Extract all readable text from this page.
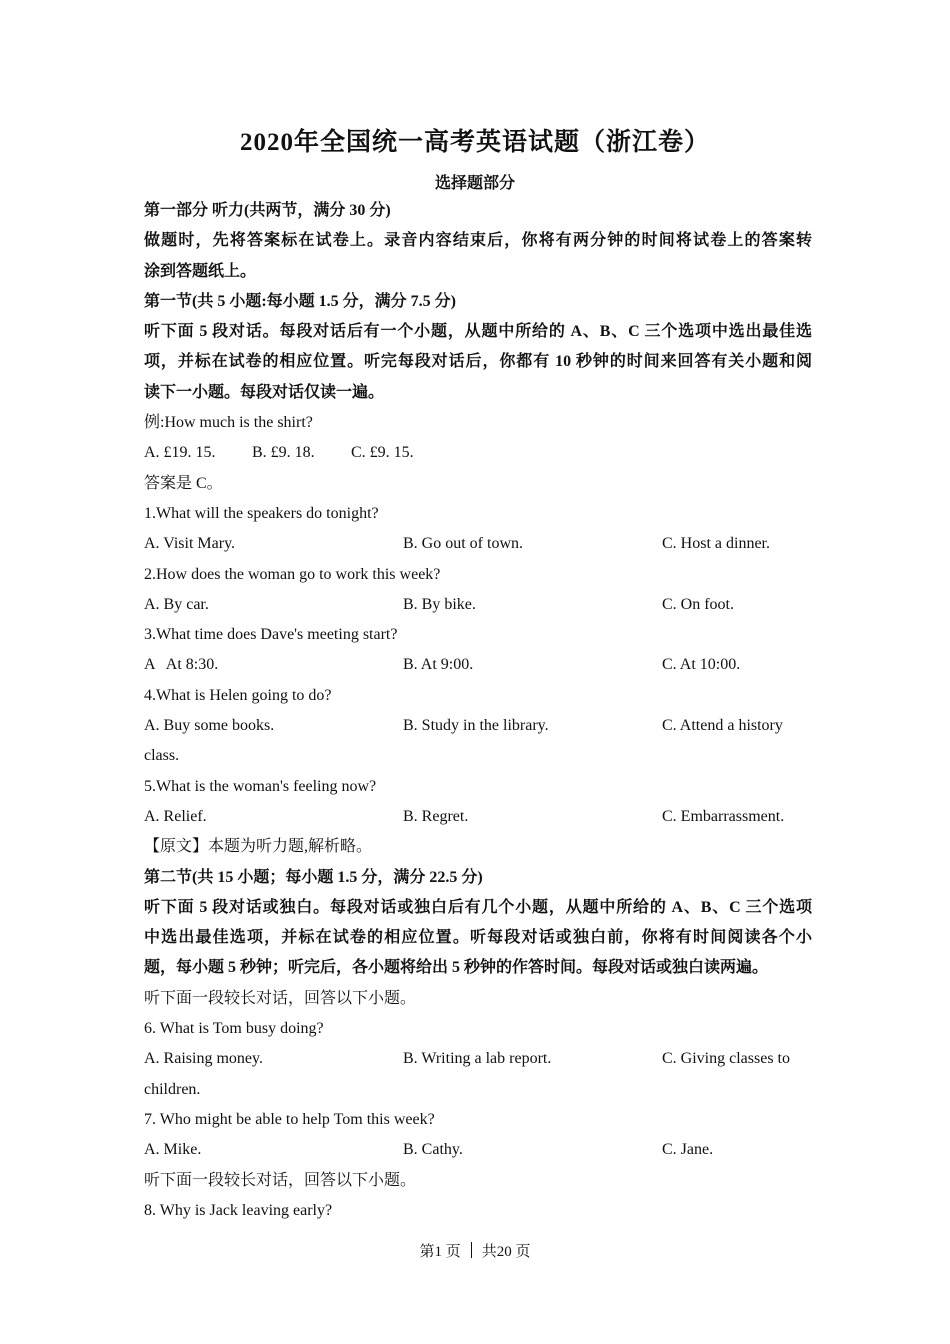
2020年全国统一高考英语试题（浙江卷）
选择题部分
第一部分 听力(共两节，满分 30 分)
做题时，先将答案标在试卷上。录音内容结束后，你将有两分钟的时间将试卷上的答案转
涂到答题纸上。
第一节(共 5 小题:每小题 1.5 分，满分 7.5 分)
听下面 5 段对话。每段对话后有一个小题，从题中所给的 A、B、C 三个选项中选出最佳选
项，并标在试卷的相应位置。听完每段对话后，你都有 10 秒钟的时间来回答有关小题和阅
读下一小题。每段对话仅读一遍。
例:How much is the shirt?
A. £19. 15. B. £9. 18. C. £9. 15.
答案是 C。
1.What will the speakers do tonight?
A. Visit Mary.	B. Go out of town.	C. Host a dinner.
2.How does the woman go to work this week?
A. By car.	B. By bike.	C. On foot.
3.What time does Dave's meeting start?
A   At 8:30.	B. At 9:00.	C. At 10:00.
4.What is Helen going to do?
A. Buy some books.	B. Study in the library.	C. Attend a history
class.
5.What is the woman's feeling now?
A. Relief.	B. Regret.	C. Embarrassment.
【原文】本题为听力题,解析略。
第二节(共 15 小题；每小题 1.5 分，满分 22.5 分)
听下面 5 段对话或独白。每段对话或独白后有几个小题，从题中所给的 A、B、C 三个选项
中选出最佳选项，并标在试卷的相应位置。听每段对话或独白前，你将有时间阅读各个小
题，每小题 5 秒钟；听完后，各小题将给出 5 秒钟的作答时间。每段对话或独白读两遍。
听下面一段较长对话，回答以下小题。
6. What is Tom busy doing?
A. Raising money.	B. Writing a lab report.	C. Giving classes to
children.
7. Who might be able to help Tom this week?
A. Mike.	B. Cathy.	C. Jane.
听下面一段较长对话，回答以下小题。
8. Why is Jack leaving early?
第1 页 共20 页
